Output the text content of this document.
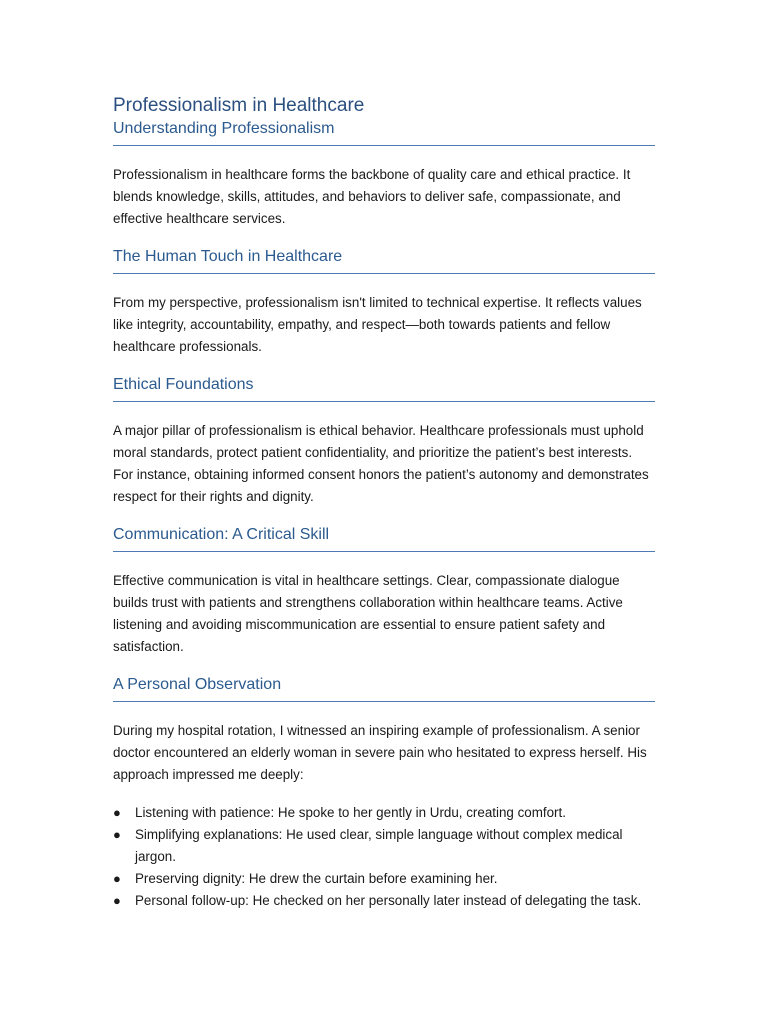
Professionalism in Healthcare
Understanding Professionalism

Professionalism in healthcare forms the backbone of quality care and ethical practice. It blends knowledge, skills, attitudes, and behaviors to deliver safe, compassionate, and effective healthcare services.

The Human Touch in Healthcare

From my perspective, professionalism isn't limited to technical expertise. It reflects values like integrity, accountability, empathy, and respect—both towards patients and fellow healthcare professionals.

Ethical Foundations

A major pillar of professionalism is ethical behavior. Healthcare professionals must uphold moral standards, protect patient confidentiality, and prioritize the patient’s best interests. For instance, obtaining informed consent honors the patient’s autonomy and demonstrates respect for their rights and dignity.

Communication: A Critical Skill

Effective communication is vital in healthcare settings. Clear, compassionate dialogue builds trust with patients and strengthens collaboration within healthcare teams. Active listening and avoiding miscommunication are essential to ensure patient safety and satisfaction.

A Personal Observation

During my hospital rotation, I witnessed an inspiring example of professionalism. A senior doctor encountered an elderly woman in severe pain who hesitated to express herself. His approach impressed me deeply:

● Listening with patience: He spoke to her gently in Urdu, creating comfort.
● Simplifying explanations: He used clear, simple language without complex medical jargon.
● Preserving dignity: He drew the curtain before examining her.
● Personal follow-up: He checked on her personally later instead of delegating the task.
